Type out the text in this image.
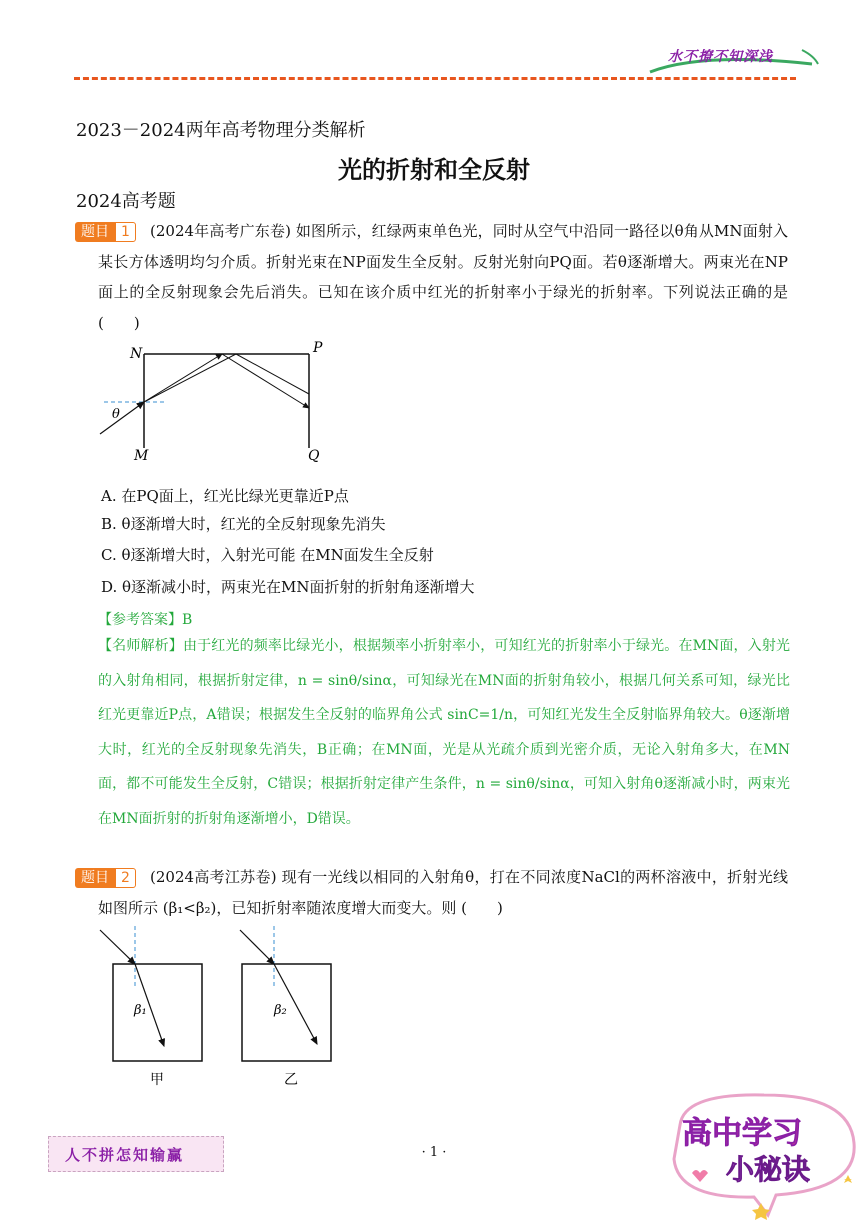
水不撩不知深浅
2023－2024两年高考物理分类解析
光的折射和全反射
2024高考题
题目 1	(2024年高考广东卷) 如图所示，红绿两束单色光，同时从空气中沿同一路径以θ角从MN面射入某长方体透明均匀介质。折射光束在NP面发生全反射。反射光射向PQ面。若θ逐渐增大。两束光在NP面上的全反射现象会先后消失。已知在该介质中红光的折射率小于绿光的折射率。下列说法正确的是 (　　)
N	P
M	Q
θ
A. 在PQ面上，红光比绿光更靠近P点
B. θ逐渐增大时，红光的全反射现象先消失
C. θ逐渐增大时，入射光可能 在MN面发生全反射
D. θ逐渐减小时，两束光在MN面折射的折射角逐渐增大
【参考答案】B
【名师解析】由于红光的频率比绿光小，根据频率小折射率小，可知红光的折射率小于绿光。在MN面，入射光的入射角相同，根据折射定律，n = sinθ/sinα，可知绿光在MN面的折射角较小，根据几何关系可知，绿光比红光更靠近P点，A错误；根据发生全反射的临界角公式 sinC=1/n，可知红光发生全反射临界角较大。θ逐渐增大时，红光的全反射现象先消失，B正确；在MN面，光是从光疏介质到光密介质，无论入射角多大，在MN面，都不可能发生全反射，C错误；根据折射定律产生条件，n = sinθ/sinα，可知入射角θ逐渐减小时，两束光在MN面折射的折射角逐渐增小，D错误。
题目 2	(2024高考江苏卷) 现有一光线以相同的入射角θ，打在不同浓度NaCl的两杯溶液中，折射光线如图所示 (β₁<β₂)，已知折射率随浓度增大而变大。则 (　　)
β₁
甲
β₂
乙
人不拼怎知输赢	· 1 ·
高中学习
小秘诀
